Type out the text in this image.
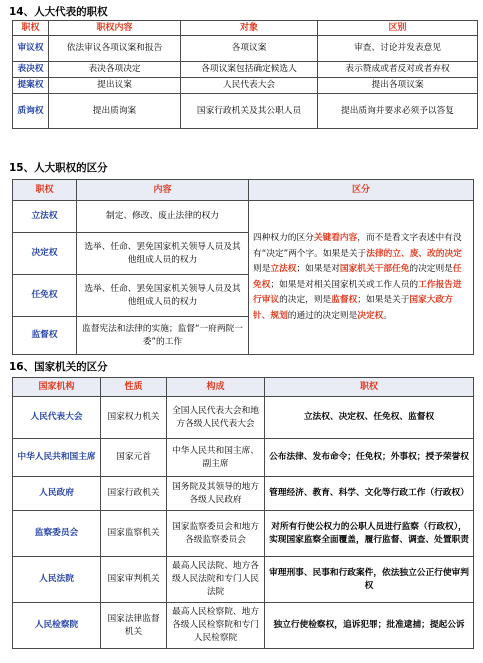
14、人大代表的职权
职权	职权内容	对象	区别
审议权	依法审议各项议案和报告	各项议案	审查、讨论并发表意见
表决权	表决各项决定	各项议案包括确定候选人	表示赞成或者反对或者弃权
提案权	提出议案	人民代表大会	提出各项议案
质询权	提出质询案	国家行政机关及其公职人员	提出质询并要求必须予以答复
15、人大职权的区分
职权	内容	区分
立法权	制定、修改、废止法律的权力	四种权力的区分关键看内容，而不是看文字表述中有没有“决定”两个字。如果是关于法律的立、废、改的决定则是立法权；如果是对国家机关干部任免的决定则是任免权；如果是对相关国家机关或工作人员的工作报告进行审议的决定，则是监督权；如果是关于国家大政方针、规划的通过的决定则是决定权。
决定权	选举、任命、罢免国家机关领导人员及其他组成人员的权力	
任免权	选举、任命、罢免国家机关领导人员及其他组成人员的权力	
监督权	监督宪法和法律的实施；监督“一府两院一委”的工作	
16、国家机关的区分
国家机构	性质	构成	职权
人民代表大会	国家权力机关	全国人民代表大会和地方各级人民代表大会	立法权、决定权、任免权、监督权
中华人民共和国主席	国家元首	中华人民共和国主席、副主席	公布法律、发布命令；任免权；外事权；授予荣誉权
人民政府	国家行政机关	国务院及其领导的地方各级人民政府	管理经济、教育、科学、文化等行政工作（行政权）
监察委员会	国家监察机关	国家监察委员会和地方各级监察委员会	对所有行使公权力的公职人员进行监察（行政权），实现国家监察全面覆盖，履行监督、调查、处置职责
人民法院	国家审判机关	最高人民法院、地方各级人民法院和专门人民法院	审理刑事、民事和行政案件，依法独立公正行使审判权
人民检察院	国家法律监督机关	最高人民检察院、地方各级人民检察院和专门人民检察院	独立行使检察权，追诉犯罪；批准逮捕；提起公诉
